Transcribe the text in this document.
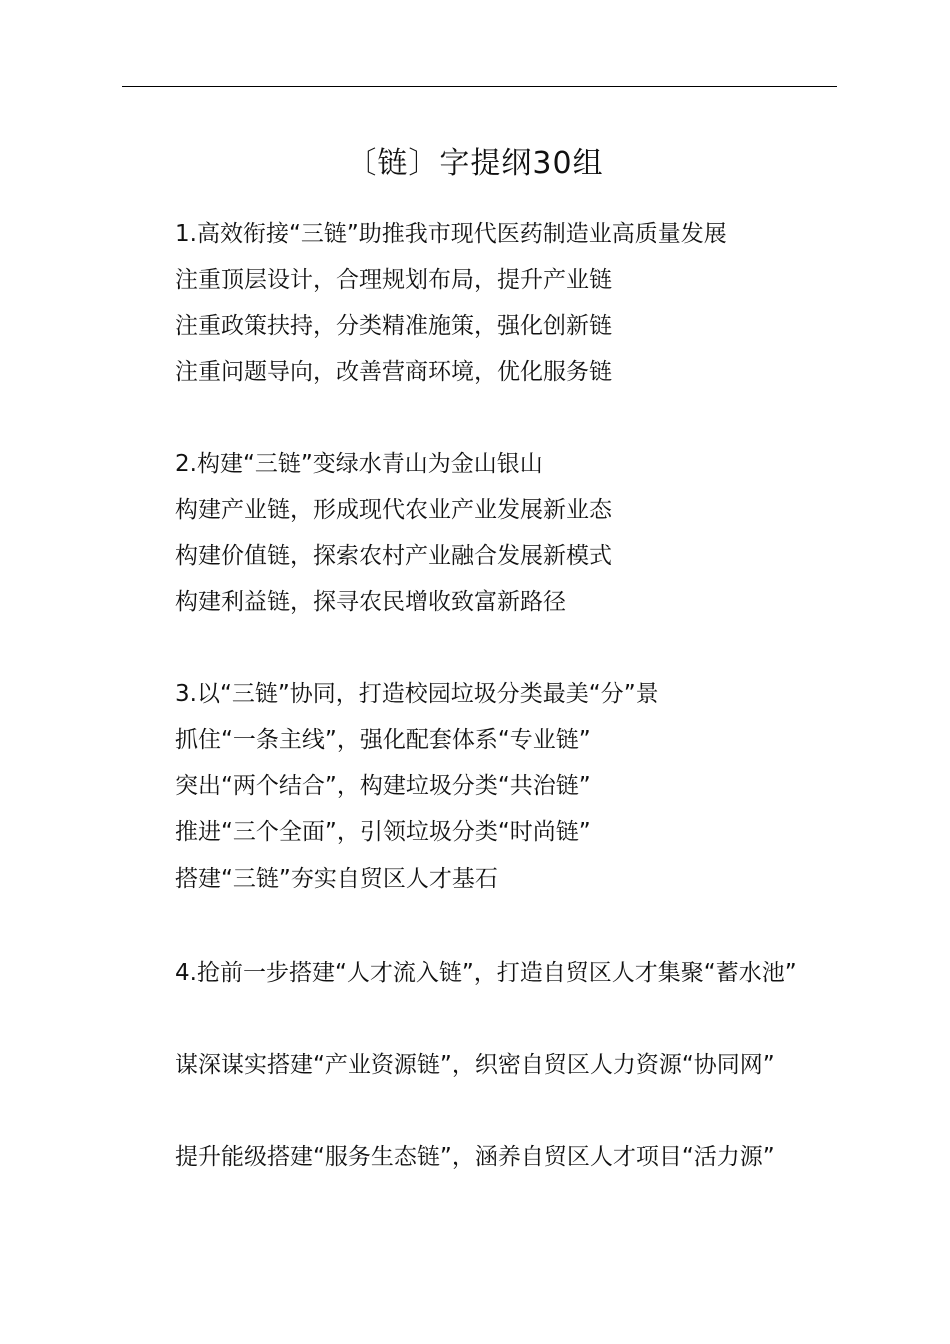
〔链〕字提纲30组
1.高效衔接“三链”助推我市现代医药制造业高质量发展
注重顶层设计，合理规划布局，提升产业链
注重政策扶持，分类精准施策，强化创新链
注重问题导向，改善营商环境，优化服务链
2.构建“三链”变绿水青山为金山银山
构建产业链，形成现代农业产业发展新业态
构建价值链，探索农村产业融合发展新模式
构建利益链，探寻农民增收致富新路径
3.以“三链”协同，打造校园垃圾分类最美“分”景
抓住“一条主线”，强化配套体系“专业链”
突出“两个结合”，构建垃圾分类“共治链”
推进“三个全面”，引领垃圾分类“时尚链”
搭建“三链”夯实自贸区人才基石
4.抢前一步搭建“人才流入链”，打造自贸区人才集聚“蓄水池”
谋深谋实搭建“产业资源链”，织密自贸区人力资源“协同网”
提升能级搭建“服务生态链”，涵养自贸区人才项目“活力源”
